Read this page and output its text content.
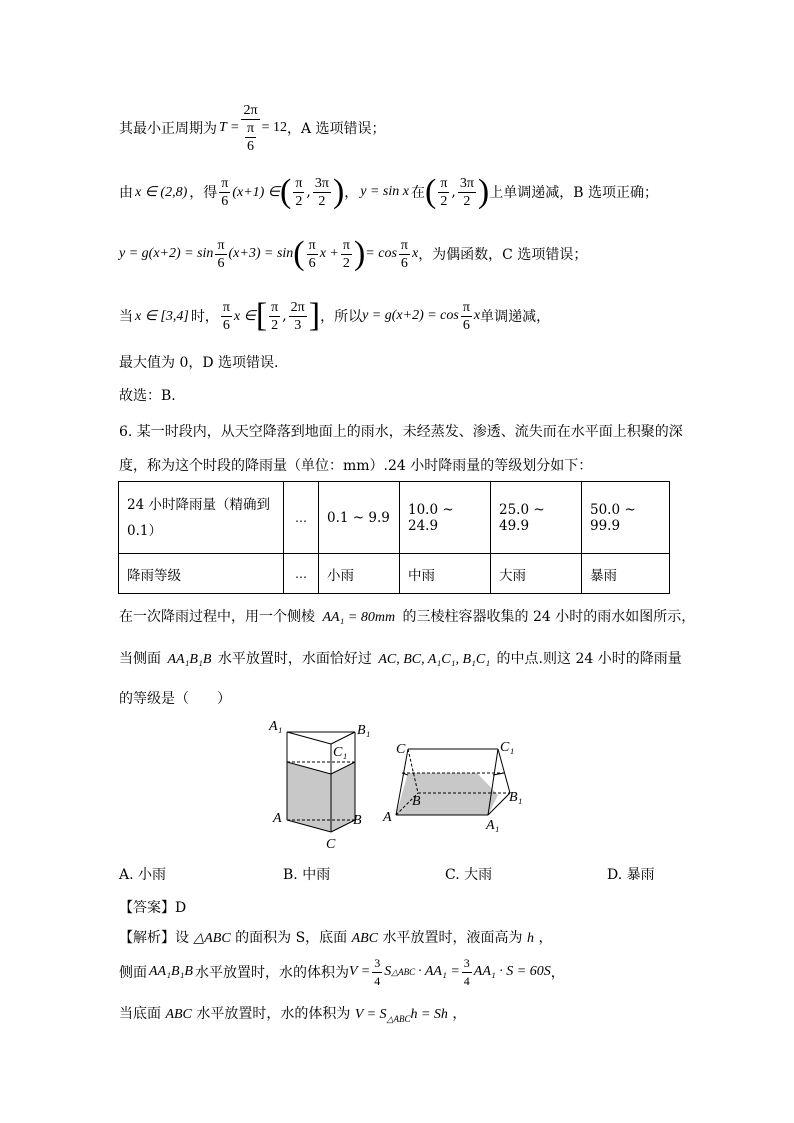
其最小正周期为 $T = \frac{2\pi}{\frac{\pi}{6}} = 12$ ，A 选项错误；
由 x ∈ (2,8) ，得 $\frac{\pi}{6} (x+1)$ ∈ ( $\frac{\pi}{2}$ , $\frac{3\pi}{2}$ ) ， y = sin x 在 ( $\frac{\pi}{2}$ , $\frac{3\pi}{2}$ ) 上单调递减，B 选项正确；
$y = g(x+2) = \sin \frac{\pi}{6} (x+3) = \sin$ ( $\frac{\pi}{6}$ $x + \frac{\pi}{2}$ ) = $\cos \frac{\pi}{6}$ x ，为偶函数，C 选项错误；
当 x ∈ [3,4] 时， $\frac{\pi}{6}$ x ∈ [ $\frac{\pi}{2}$ , $\frac{2\pi}{3}$ ] ，所以 $y = g(x+2) = \cos \frac{\pi}{6}$ x 单调递减，
最大值为 0，D 选项错误.
故选：B.
6. 某一时段内，从天空降落到地面上的雨水，未经蒸发、渗透、流失而在水平面上积聚的深
度，称为这个时段的降雨量（单位：mm）.24 小时降雨量的等级划分如下：
24 小时降雨量（精确到 0.1）	…	0.1 ~ 9.9	10.0 ~ 24.9	25.0 ~ 49.9	50.0 ~ 99.9
降雨等级	…	小雨	中雨	大雨	暴雨
在一次降雨过程中，用一个侧棱 AA₁ = 80mm 的三棱柱容器收集的 24 小时的雨水如图所示，
当侧面 AA₁B₁B 水平放置时，水面恰好过 AC, BC, A₁C₁, B₁C₁ 的中点.则这 24 小时的降雨量
的等级是（　　）
A₁	B₁
C₁
A	B
C
C	C₁
B	B₁
A
A₁
A. 小雨	B. 中雨	C. 大雨	D. 暴雨
【答案】D
【解析】设 △ABC 的面积为 S，底面 ABC 水平放置时，液面高为 h ，
侧面 AA₁B₁B 水平放置时，水的体积为 $V = \frac{3}{4}$ S △ABC · $AA_1 = \frac{3}{4} AA_1 \cdot S = 60S$ ，
当底面 ABC 水平放置时，水的体积为 $V = S_{\triangle ABC}h = Sh$ ，
